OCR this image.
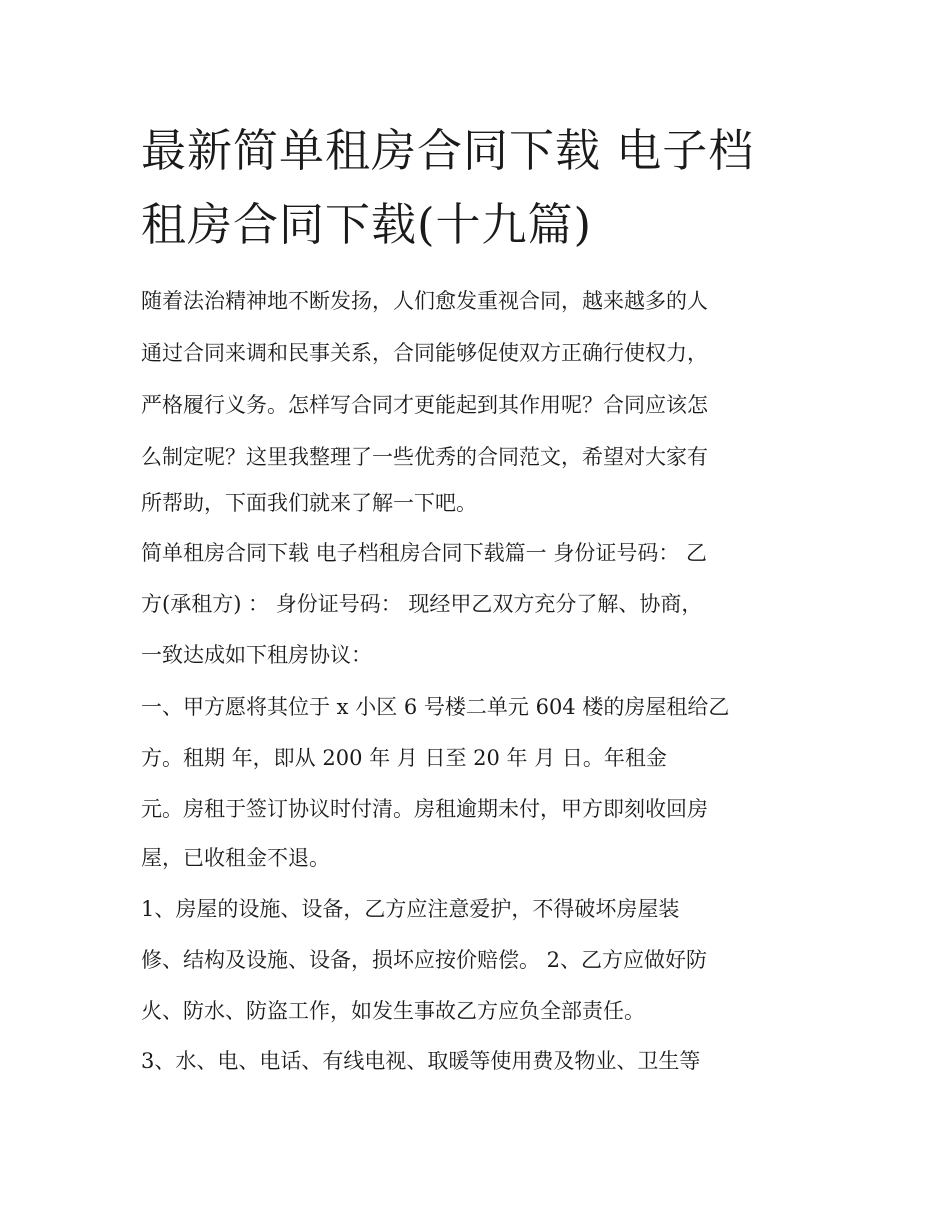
最新简单租房合同下载 电子档
租房合同下载(十九篇)
随着法治精神地不断发扬，人们愈发重视合同，越来越多的人
通过合同来调和民事关系，合同能够促使双方正确行使权力，
严格履行义务。怎样写合同才更能起到其作用呢？合同应该怎
么制定呢？这里我整理了一些优秀的合同范文，希望对大家有
所帮助，下面我们就来了解一下吧。
简单租房合同下载 电子档租房合同下载篇一 身份证号码： 乙
方(承租方) ： 身份证号码： 现经甲乙双方充分了解、协商，
一致达成如下租房协议：
一、甲方愿将其位于 x 小区 6 号楼二单元 604 楼的房屋租给乙
方。租期 年，即从 200 年 月 日至 20 年 月 日。年租金
元。房租于签订协议时付清。房租逾期未付，甲方即刻收回房
屋，已收租金不退。
1、房屋的设施、设备，乙方应注意爱护，不得破坏房屋装
修、结构及设施、设备，损坏应按价赔偿。 2、乙方应做好防
火、防水、防盗工作，如发生事故乙方应负全部责任。
3、水、电、电话、有线电视、取暖等使用费及物业、卫生等
